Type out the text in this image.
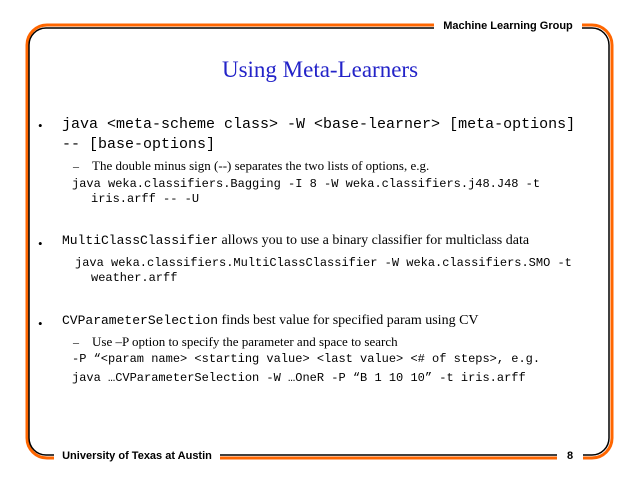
Machine Learning Group
Using Meta-Learners
• java <meta-scheme class> -W <base-learner> [meta-options]
-- [base-options]
– The double minus sign (--) separates the two lists of options, e.g.
java weka.classifiers.Bagging -I 8 -W weka.classifiers.j48.J48 -t
iris.arff -- -U
• MultiClassClassifier allows you to use a binary classifier for multiclass data
java weka.classifiers.MultiClassClassifier -W weka.classifiers.SMO -t
weather.arff
• CVParameterSelection finds best value for specified param using CV
– Use –P option to specify the parameter and space to search
-P “<param name> <starting value> <last value> <# of steps>, e.g.
java …CVParameterSelection -W …OneR -P “B 1 10 10” -t iris.arff
University of Texas at Austin	8
